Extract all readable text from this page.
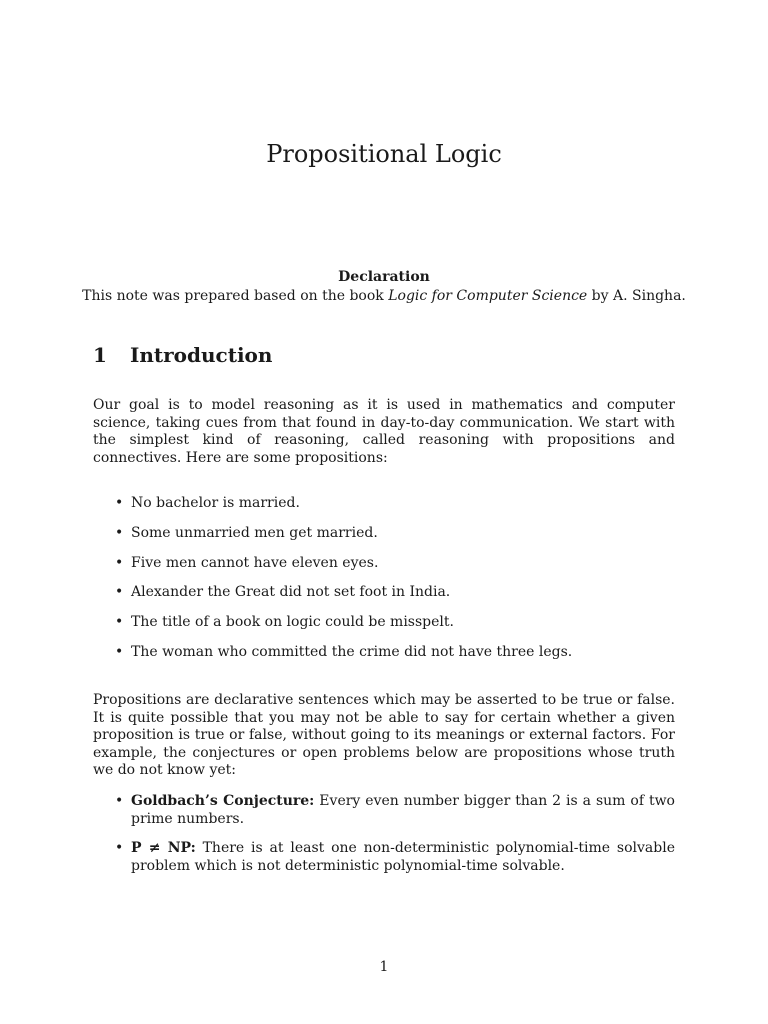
Propositional Logic
Declaration
This note was prepared based on the book Logic for Computer Science by A. Singha.
1 Introduction
Our goal is to model reasoning as it is used in mathematics and computer science, taking cues from that found in day-to-day communication. We start with the simplest kind of reasoning, called reasoning with propositions and connectives. Here are some propositions:
• No bachelor is married.
• Some unmarried men get married.
• Five men cannot have eleven eyes.
• Alexander the Great did not set foot in India.
• The title of a book on logic could be misspelt.
• The woman who committed the crime did not have three legs.
Propositions are declarative sentences which may be asserted to be true or false. It is quite possible that you may not be able to say for certain whether a given proposition is true or false, without going to its meanings or external factors. For example, the conjectures or open problems below are propositions whose truth we do not know yet:
• Goldbach’s Conjecture: Every even number bigger than 2 is a sum of two prime numbers.
• P ≠ NP: There is at least one non-deterministic polynomial-time solvable problem which is not deterministic polynomial-time solvable.
1
